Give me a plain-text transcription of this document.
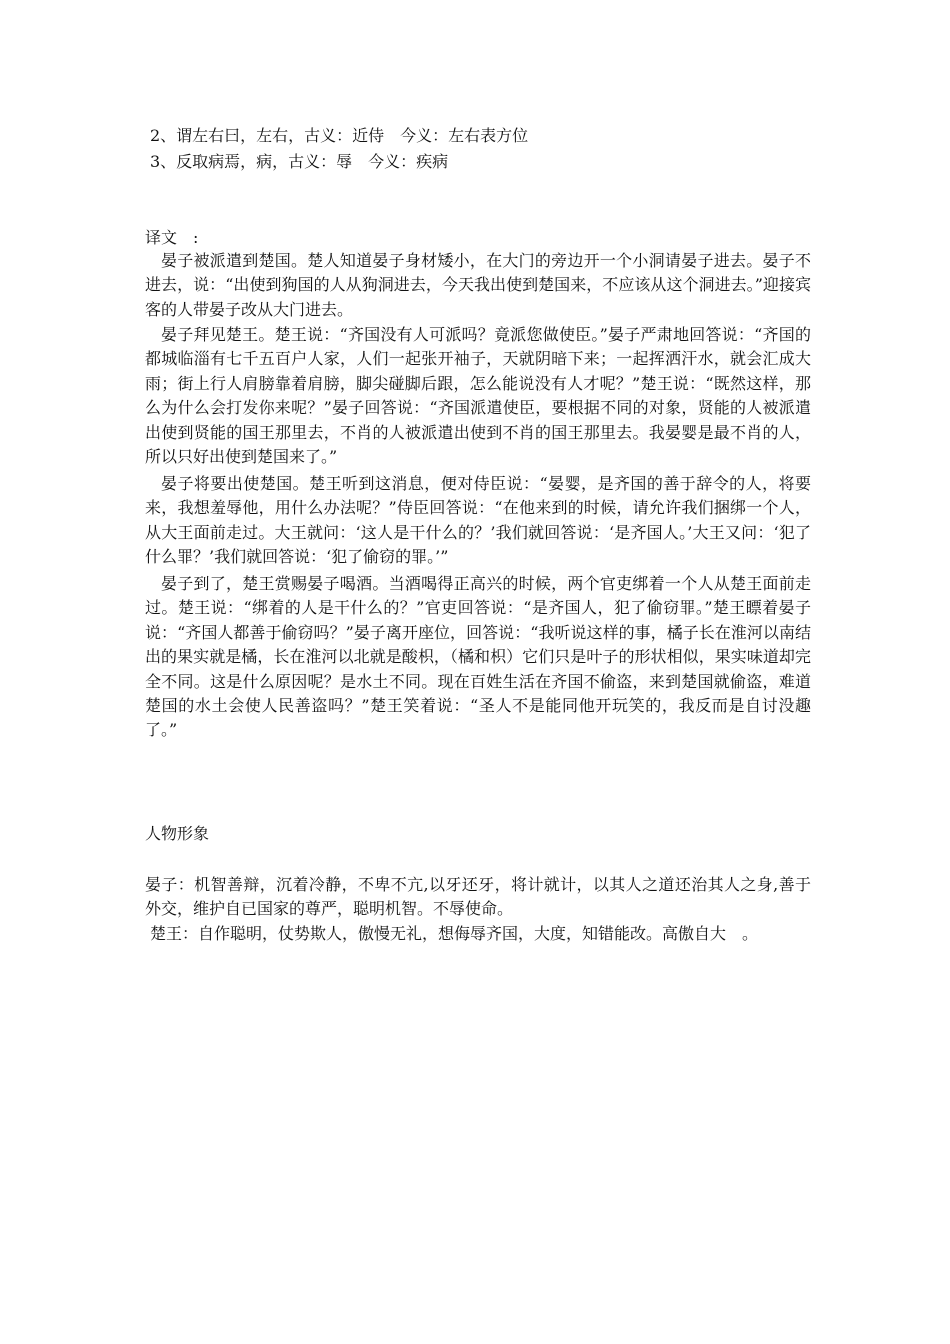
2、谓左右曰，左右，古义：近侍　今义：左右表方位
3、反取病焉，病，古义：辱　今义：疾病
译文　:
晏子被派遣到楚国。楚人知道晏子身材矮小，在大门的旁边开一个小洞请晏子进去。晏子不进去，说：“出使到狗国的人从狗洞进去，今天我出使到楚国来，不应该从这个洞进去。”迎接宾客的人带晏子改从大门进去。
晏子拜见楚王。楚王说：“齐国没有人可派吗？竟派您做使臣。”晏子严肃地回答说：“齐国的都城临淄有七千五百户人家，人们一起张开袖子，天就阴暗下来；一起挥洒汗水，就会汇成大雨；街上行人肩膀靠着肩膀，脚尖碰脚后跟，怎么能说没有人才呢？”楚王说：“既然这样，那么为什么会打发你来呢？”晏子回答说：“齐国派遣使臣，要根据不同的对象，贤能的人被派遣出使到贤能的国王那里去，不肖的人被派遣出使到不肖的国王那里去。我晏婴是最不肖的人，所以只好出使到楚国来了。”
晏子将要出使楚国。楚王听到这消息，便对侍臣说：“晏婴，是齐国的善于辞令的人，将要来，我想羞辱他，用什么办法呢？”侍臣回答说：“在他来到的时候，请允许我们捆绑一个人，从大王面前走过。大王就问：‘这人是干什么的？’我们就回答说：‘是齐国人。’大王又问：‘犯了什么罪？’我们就回答说：‘犯了偷窃的罪。’”
晏子到了，楚王赏赐晏子喝酒。当酒喝得正高兴的时候，两个官吏绑着一个人从楚王面前走过。楚王说：“绑着的人是干什么的？”官吏回答说：“是齐国人，犯了偷窃罪。”楚王瞟着晏子说：“齐国人都善于偷窃吗？”晏子离开座位，回答说：“我听说这样的事，橘子长在淮河以南结出的果实就是橘，长在淮河以北就是酸枳，（橘和枳）它们只是叶子的形状相似，果实味道却完全不同。这是什么原因呢？是水土不同。现在百姓生活在齐国不偷盗，来到楚国就偷盗，难道楚国的水土会使人民善盗吗？”楚王笑着说：“圣人不是能同他开玩笑的，我反而是自讨没趣了。”
人物形象
晏子：机智善辩，沉着冷静，不卑不亢,以牙还牙，将计就计，以其人之道还治其人之身,善于外交，维护自已国家的尊严，聪明机智。不辱使命。
楚王：自作聪明，仗势欺人，傲慢无礼，想侮辱齐国，大度，知错能改。高傲自大　。
